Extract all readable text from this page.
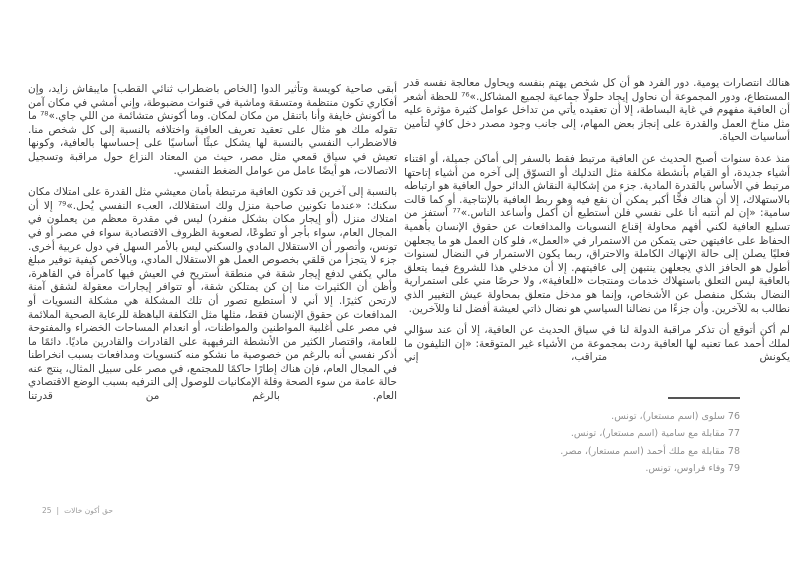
هنالك انتصارات يومية. دور الفرد هو أن كل شخص يهتم بنفسه ويحاول معالجة نفسه قدر المستطاع، ودور المجموعة أن نحاول إيجاد حلولًا جماعية لجميع المشاكل.»⁷⁶ للحظة أشعر أن العافية مفهوم في غاية البساطة، إلا أن تعقيده يأتي من تداخل عوامل كثيرة مؤثرة عليه مثل مناخ العمل والقدرة على إنجاز بعض المهام، إلى جانب وجود مصدر دخل كافٍ لتأمين أساسيات الحياة.

منذ عدة سنوات أصبح الحديث عن العافية مرتبط فقط بالسفر إلى أماكن جميلة، أو اقتناء أشياء جديدة، أو القيام بأنشطة مكلفة مثل التدليك أو التسوّق إلى آخره من أشياء إتاحتها مرتبط في الأساس بالقدرة المادية. جزء من إشكالية النقاش الدائر حول العافية هو ارتباطه بالاستهلاك، إلا أن هناك فخًّا أكبر يمكن أن نقع فيه وهو ربط العافية بالإنتاجية. أو كما قالت سامية: «إن لم أنتبه أنا على نفسي فلن أستطيع أن أكمل وأساعد الناس.»⁷⁷ أستفز من تسليع العافية لكني أفهم محاولة إقناع النسويات والمدافعات عن حقوق الإنسان بأهمية الحفاظ على عافيتهن حتى يتمكن من الاستمرار في «العمل»، فلو كان العمل هو ما يجعلهن فعليًا يصلن إلى حالة الإنهاك الكاملة والاحتراق، ربما يكون الاستمرار في النضال لسنوات أطول هو الحافز الذي يجعلهن ينتبهن إلى عافيتهم. إلا أن مدخلي هذا للشروع فيما يتعلق بالعافية ليس التعلق باستهلاك خدمات ومنتجات «للعافية»، ولا حرصًا مني على استمرارية النضال بشكل منفصل عن الأشخاص، وإنما هو مدخل متعلق بمحاولة عيش التغيير الذي نطالب به للآخرين. وأن جزءًا من نضالنا السياسي هو نضال ذاتي لعيشة أفضل لنا وللآخرين.

لم أكن أتوقع أن تذكر مراقبة الدولة لنا في سياق الحديث عن العافية، إلا أن عند سؤالي لملك أحمد عما تعنيه لها العافية ردت بمجموعة من الأشياء غير المتوقعة: «إن التليفون ما يكونش متراقب، إني

76سلوى (اسم مستعار)، تونس.
77مقابلة مع سامية (اسم مستعار)، تونس.
78مقابلة مع ملك أحمد (اسم مستعار)، مصر.
79وفاء فراوس، تونس.

أبقى صاحية كويسة وتأثير الدوا [الخاص باضطراب ثنائي القطب] مايبقاش زايد، وإن أفكاري تكون منتظمة ومتسقة وماشية في قنوات مضبوطة، وإني أمشي في مكان آمن ما أكونش خايفة وأنا باتنقل من مكان لمكان. وما أكونش متشائمة من اللي جاي.»⁷⁸ ما تقوله ملك هو مثال على تعقيد تعريف العافية واختلافه بالنسبة إلى كل شخص منا. فالاضطراب النفسي بالنسبة لها يشكل عبئًا أساسيًا على إحساسها بالعافية، وكونها تعيش في سياق قمعي مثل مصر، حيث من المعتاد النزاع حول مراقبة وتسجيل الاتصالات، هو أيضًا عامل من عوامل الضغط النفسي.

بالنسبة إلى آخرين قد تكون العافية مرتبطة بأمان معيشي مثل القدرة على امتلاك مكان سكنك: «عندما تكونين صاحبة منزل ولك استقلالك، العبء النفسي يُحل.»⁷⁹ إلا أن امتلاك منزل (أو إيجار مكان بشكل منفرد) ليس في مقدرة معظم من يعملون في المجال العام، سواء بأجر أو تطوعًا، لصعوبة الظروف الاقتصادية سواء في مصر أو في تونس، وأتصور أن الاستقلال المادي والسكني ليس بالأمر السهل في دول عربية أخرى. جزء لا يتجزأ من قلقي بخصوص العمل هو الاستقلال المادي، وبالأخص كيفية توفير مبلغ مالي يكفي لدفع إيجار شقة في منطقة أستريح في العيش فيها كامرأة في القاهرة، وأظن أن الكثيرات منا إن كن يمتلكن شقة، أو تتوافر إيجارات معقولة لشقق آمنة لارتحن كثيرًا. إلا أني لا أستطيع تصور أن تلك المشكلة هي مشكلة النسويات أو المدافعات عن حقوق الإنسان فقط، مثلها مثل التكلفة الباهظة للرعاية الصحية الملائمة في مصر على أغلبية المواطنين والمواطنات، أو انعدام المساحات الخضراء والمفتوحة للعامة، واقتصار الكثير من الأنشطة الترفيهية على القادرات والقادرين ماديًا. دائمًا ما أذكر نفسي أنه بالرغم من خصوصية ما نشكو منه كنسويات ومدافعات بسبب انخراطنا في المجال العام، فإن هناك إطارًا حاكمًا للمجتمع، في مصر على سبيل المثال، ينتج عنه حالة عامة من سوء الصحة وقلة الإمكانيات للوصول إلى الترفيه بسبب الوضع الاقتصادي العام. بالرغم من قدرتنا

حق أكون خالات|25
